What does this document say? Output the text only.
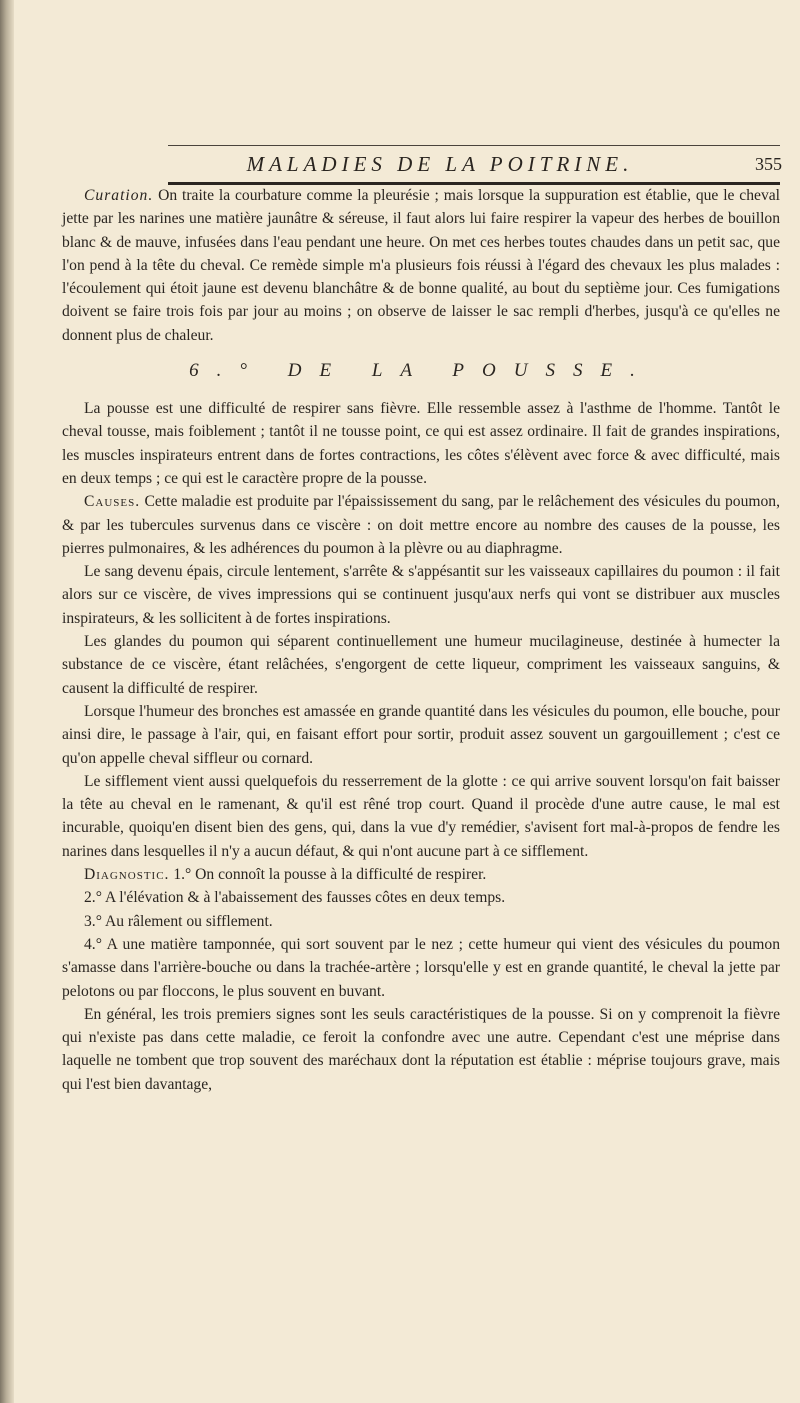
MALADIES DE LA POITRINE.	355

Curation. On traite la courbature comme la pleurésie ; mais lorsque la suppuration est établie, que le cheval jette par les narines une matière jaunâtre & séreuse, il faut alors lui faire respirer la vapeur des herbes de bouillon blanc & de mauve, infusées dans l'eau pendant une heure. On met ces herbes toutes chaudes dans un petit sac, que l'on pend à la tête du cheval. Ce remède simple m'a plusieurs fois réussi à l'égard des chevaux les plus malades : l'écoulement qui étoit jaune est devenu blanchâtre & de bonne qualité, au bout du septième jour. Ces fumigations doivent se faire trois fois par jour au moins ; on observe de laisser le sac rempli d'herbes, jusqu'à ce qu'elles ne donnent plus de chaleur.

6.° DE LA POUSSE.

La pousse est une difficulté de respirer sans fièvre. Elle ressemble assez à l'asthme de l'homme. Tantôt le cheval tousse, mais foiblement ; tantôt il ne tousse point, ce qui est assez ordinaire. Il fait de grandes inspirations, les muscles inspirateurs entrent dans de fortes contractions, les côtes s'élèvent avec force & avec difficulté, mais en deux temps ; ce qui est le caractère propre de la pousse.

Causes. Cette maladie est produite par l'épaississement du sang, par le relâchement des vésicules du poumon, & par les tubercules survenus dans ce viscère : on doit mettre encore au nombre des causes de la pousse, les pierres pulmonaires, & les adhérences du poumon à la plèvre ou au diaphragme.

Le sang devenu épais, circule lentement, s'arrête & s'appésantit sur les vaisseaux capillaires du poumon : il fait alors sur ce viscère, de vives impressions qui se continuent jusqu'aux nerfs qui vont se distribuer aux muscles inspirateurs, & les sollicitent à de fortes inspirations.

Les glandes du poumon qui séparent continuellement une humeur mucilagineuse, destinée à humecter la substance de ce viscère, étant relâchées, s'engorgent de cette liqueur, compriment les vaisseaux sanguins, & causent la difficulté de respirer.

Lorsque l'humeur des bronches est amassée en grande quantité dans les vésicules du poumon, elle bouche, pour ainsi dire, le passage à l'air, qui, en faisant effort pour sortir, produit assez souvent un gargouillement ; c'est ce qu'on appelle cheval siffleur ou cornard.

Le sifflement vient aussi quelquefois du resserrement de la glotte : ce qui arrive souvent lorsqu'on fait baisser la tête au cheval en le ramenant, & qu'il est rêné trop court. Quand il procède d'une autre cause, le mal est incurable, quoiqu'en disent bien des gens, qui, dans la vue d'y remédier, s'avisent fort mal-à-propos de fendre les narines dans lesquelles il n'y a aucun défaut, & qui n'ont aucune part à ce sifflement.

Diagnostic. 1.° On connoît la pousse à la difficulté de respirer.

2.° A l'élévation & à l'abaissement des fausses côtes en deux temps.

3.° Au râlement ou sifflement.

4.° A une matière tamponnée, qui sort souvent par le nez ; cette humeur qui vient des vésicules du poumon s'amasse dans l'arrière-bouche ou dans la trachée-artère ; lorsqu'elle y est en grande quantité, le cheval la jette par pelotons ou par floccons, le plus souvent en buvant.

En général, les trois premiers signes sont les seuls caractéristiques de la pousse. Si on y comprenoit la fièvre qui n'existe pas dans cette maladie, ce feroit la confondre avec une autre. Cependant c'est une méprise dans laquelle ne tombent que trop souvent des maréchaux dont la réputation est établie : méprise toujours grave, mais qui l'est bien davantage,
